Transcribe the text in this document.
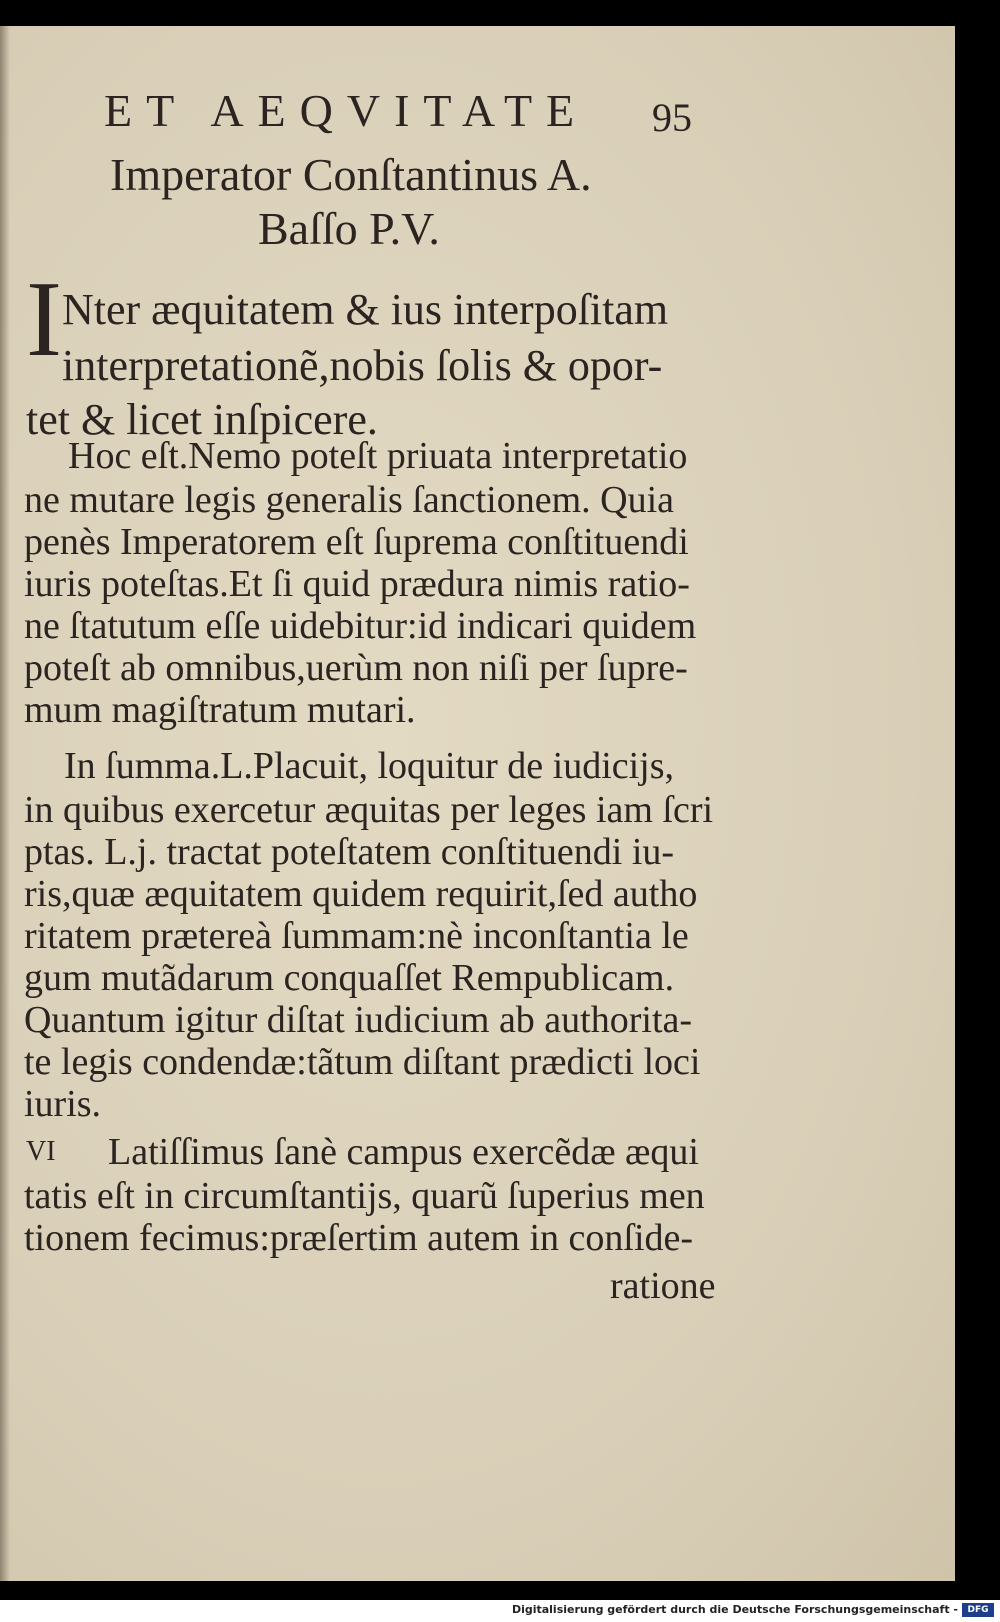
ET AEQVITATE 95
Imperator Conſtantinus A.
Baſſo P.V.
I Nter æquitatem & ius interpoſitam
interpretationẽ,nobis ſolis & opor-
tet & licet inſpicere.
Hoc eſt.Nemo poteſt priuata interpretatio
ne mutare legis generalis ſanctionem. Quia
penès Imperatorem eſt ſuprema conſtituendi
iuris poteſtas.Et ſi quid prædura nimis ratio-
ne ſtatutum eſſe uidebitur:id indicari quidem
poteſt ab omnibus,uerùm non niſi per ſupre-
mum magiſtratum mutari.
In ſumma.L.Placuit, loquitur de iudicijs,
in quibus exercetur æquitas per leges iam ſcri
ptas. L.j. tractat poteſtatem conſtituendi iu-
ris,quæ æquitatem quidem requirit,ſed autho
ritatem prætereà ſummam:nè inconſtantia le
gum mutãdarum conquaſſet Rempublicam.
Quantum igitur diſtat iudicium ab authorita-
te legis condendæ:tãtum diſtant prædicti loci
iuris.
VI Latiſſimus ſanè campus exercẽdæ æqui
tatis eſt in circumſtantijs, quarũ ſuperius men
tionem fecimus:præſertim autem in conſide-
ratione
Digitalisierung gefördert durch die Deutsche Forschungsgemeinschaft -	DFG
